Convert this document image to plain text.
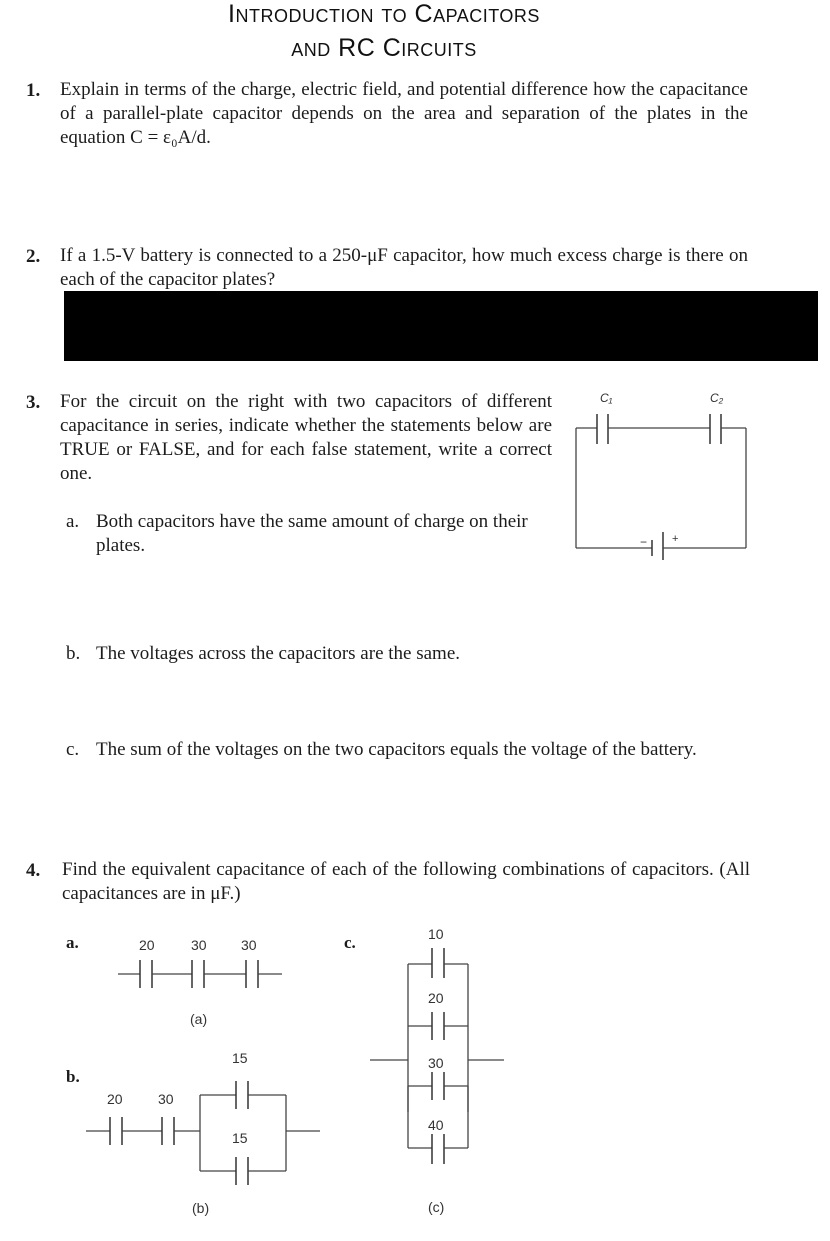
Introduction to Capacitors
and RC Circuits
1. Explain in terms of the charge, electric field, and potential difference how the capacitance of a parallel-plate capacitor depends on the area and separation of the plates in the equation C = ε₀A/d.
2. If a 1.5-V battery is connected to a 250-μF capacitor, how much excess charge is there on each of the capacitor plates?
3. For the circuit on the right with two capacitors of different capacitance in series, indicate whether the statements below are TRUE or FALSE, and for each false statement, write a correct one.
a. Both capacitors have the same amount of charge on their plates.
b. The voltages across the capacitors are the same.
c. The sum of the voltages on the two capacitors equals the voltage of the battery.
C₁	C₂
− +
4. Find the equivalent capacitance of each of the following combinations of capacitors. (All capacitances are in μF.)
a.
b.
c.
20	30 30
(a)
20	30
15
15
(b)
10
20
30
40
(c)
